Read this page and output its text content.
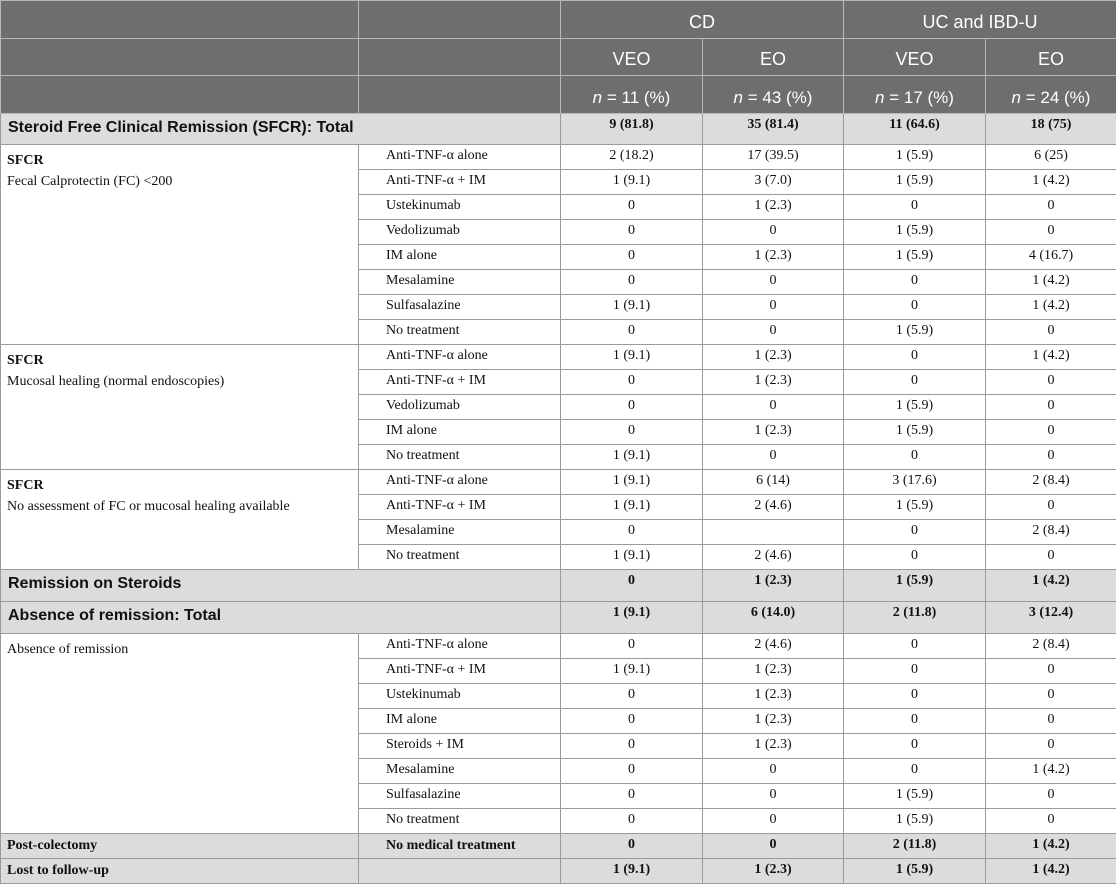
		CD		UC and IBD-U	
		VEO	EO	VEO	EO
		n = 11 (%)	n = 43 (%)	n = 17 (%)	n = 24 (%)
Steroid Free Clinical Remission (SFCR): Total		9 (81.8)	35 (81.4)	11 (64.6)	18 (75)

SFCR
Fecal Calprotectin (FC) <200	Anti-TNF-α alone	2 (18.2)	17 (39.5)	1 (5.9)	6 (25)
	Anti-TNF-α + IM	1 (9.1)	3 (7.0)	1 (5.9)	1 (4.2)
	Ustekinumab	0	1 (2.3)	0	0
	Vedolizumab	0	0	1 (5.9)	0
	IM alone	0	1 (2.3)	1 (5.9)	4 (16.7)
	Mesalamine	0	0	0	1 (4.2)
	Sulfasalazine	1 (9.1)	0	0	1 (4.2)
	No treatment	0	0	1 (5.9)	0

SFCR
Mucosal healing (normal endoscopies)	Anti-TNF-α alone	1 (9.1)	1 (2.3)	0	1 (4.2)
	Anti-TNF-α + IM	0	1 (2.3)	0	0
	Vedolizumab	0	0	1 (5.9)	0
	IM alone	0	1 (2.3)	1 (5.9)	0
	No treatment	1 (9.1)	0	0	0

SFCR
No assessment of FC or mucosal healing available	Anti-TNF-α alone	1 (9.1)	6 (14)	3 (17.6)	2 (8.4)
	Anti-TNF-α + IM	1 (9.1)	2 (4.6)	1 (5.9)	0
	Mesalamine	0		0	2 (8.4)
	No treatment	1 (9.1)	2 (4.6)	0	0
Remission on Steroids		0	1 (2.3)	1 (5.9)	1 (4.2)
Absence of remission: Total		1 (9.1)	6 (14.0)	2 (11.8)	3 (12.4)
Absence of remission	Anti-TNF-α alone	0	2 (4.6)	0	2 (8.4)
	Anti-TNF-α + IM	1 (9.1)	1 (2.3)	0	0
	Ustekinumab	0	1 (2.3)	0	0
	IM alone	0	1 (2.3)	0	0
	Steroids + IM	0	1 (2.3)	0	0
	Mesalamine	0	0	0	1 (4.2)
	Sulfasalazine	0	0	1 (5.9)	0
	No treatment	0	0	1 (5.9)	0
Post-colectomy	No medical treatment	0	0	2 (11.8)	1 (4.2)
Lost to follow-up		1 (9.1)	1 (2.3)	1 (5.9)	1 (4.2)
